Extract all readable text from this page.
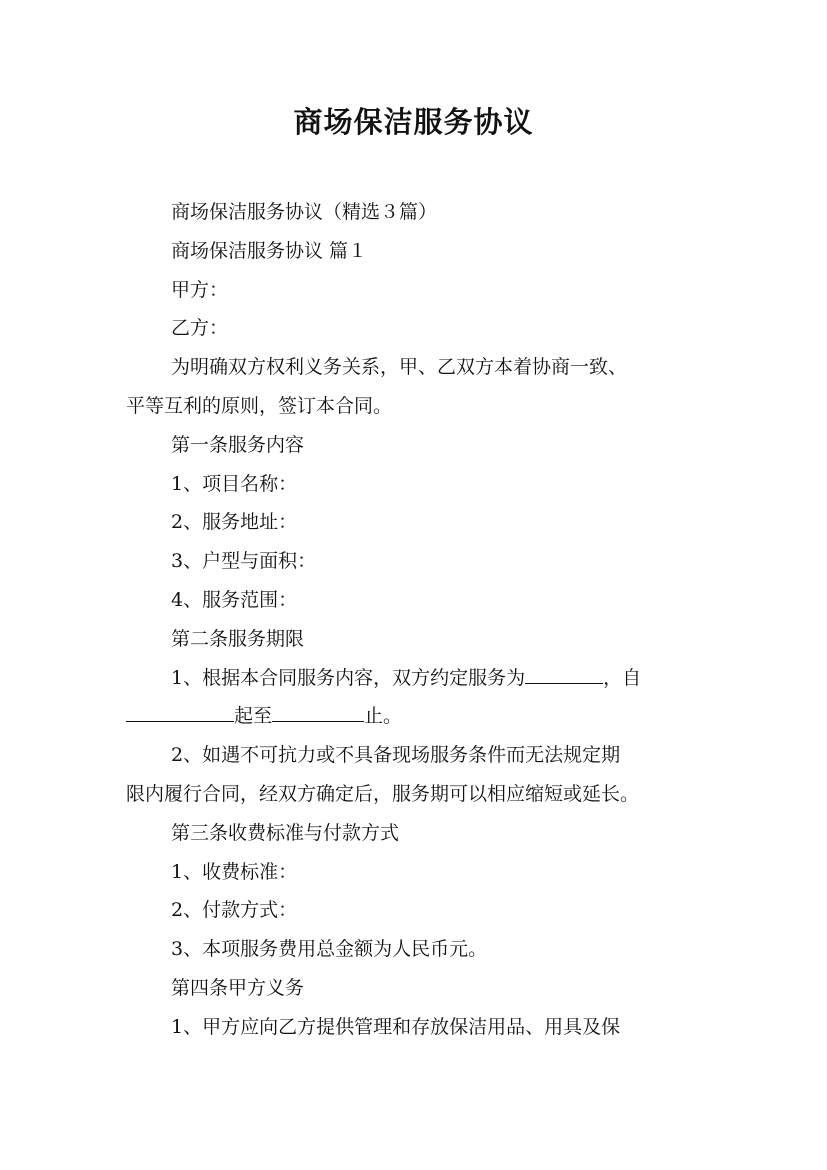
商场保洁服务协议

商场保洁服务协议（精选３篇）

商场保洁服务协议 篇１

甲方：

乙方：

为明确双方权利义务关系，甲、乙双方本着协商一致、

平等互利的原则，签订本合同。

第一条服务内容

1、项目名称：

2、服务地址：

3、户型与面积：

4、服务范围：

第二条服务期限

1、根据本合同服务内容，双方约定服务为	，自

起至	止。

2、如遇不可抗力或不具备现场服务条件而无法规定期

限内履行合同，经双方确定后，服务期可以相应缩短或延长。

第三条收费标准与付款方式

1、收费标准：

2、付款方式：

3、本项服务费用总金额为人民币元。

第四条甲方义务

1、甲方应向乙方提供管理和存放保洁用品、用具及保
